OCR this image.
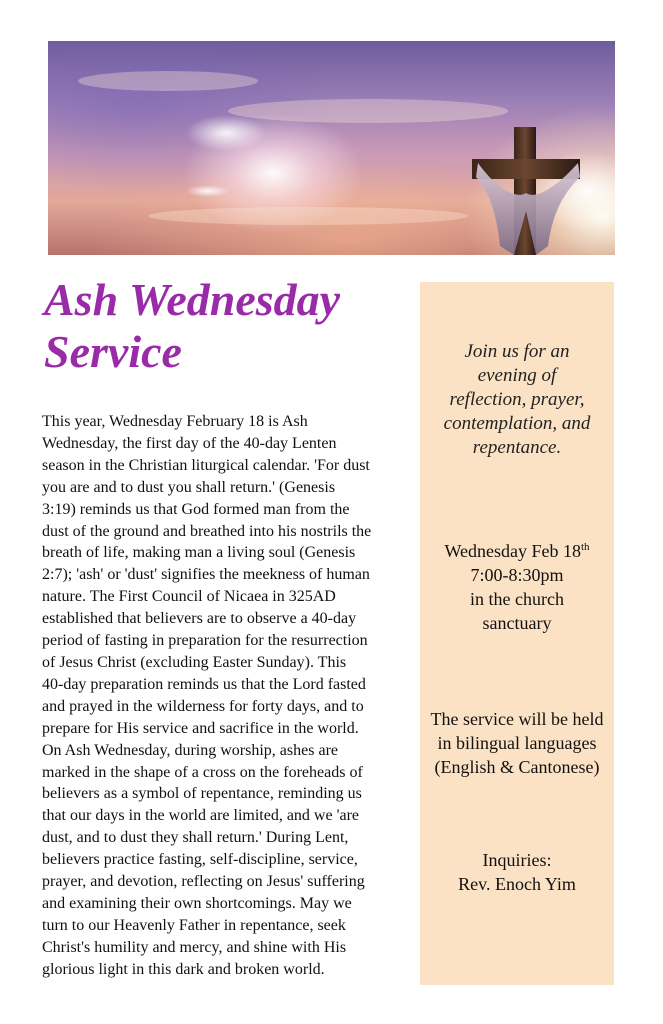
Ash Wednesday
Service

This year, Wednesday February 18 is Ash
Wednesday, the first day of the 40-day Lenten
season in the Christian liturgical calendar. 'For dust
you are and to dust you shall return.' (Genesis
3:19) reminds us that God formed man from the
dust of the ground and breathed into his nostrils the
breath of life, making man a living soul (Genesis
2:7); 'ash' or 'dust' signifies the meekness of human
nature. The First Council of Nicaea in 325AD
established that believers are to observe a 40-day
period of fasting in preparation for the resurrection
of Jesus Christ (excluding Easter Sunday). This
40-day preparation reminds us that the Lord fasted
and prayed in the wilderness for forty days, and to
prepare for His service and sacrifice in the world.
On Ash Wednesday, during worship, ashes are
marked in the shape of a cross on the foreheads of
believers as a symbol of repentance, reminding us
that our days in the world are limited, and we 'are
dust, and to dust they shall return.' During Lent,
believers practice fasting, self-discipline, service,
prayer, and devotion, reflecting on Jesus' suffering
and examining their own shortcomings. May we
turn to our Heavenly Father in repentance, seek
Christ's humility and mercy, and shine with His
glorious light in this dark and broken world.

Join us for an
evening of
reflection, prayer,
contemplation, and
repentance.

Wednesday Feb 18th
7:00-8:30pm
in the church
sanctuary

The service will be held
in bilingual languages
(English & Cantonese)

Inquiries:
Rev. Enoch Yim
